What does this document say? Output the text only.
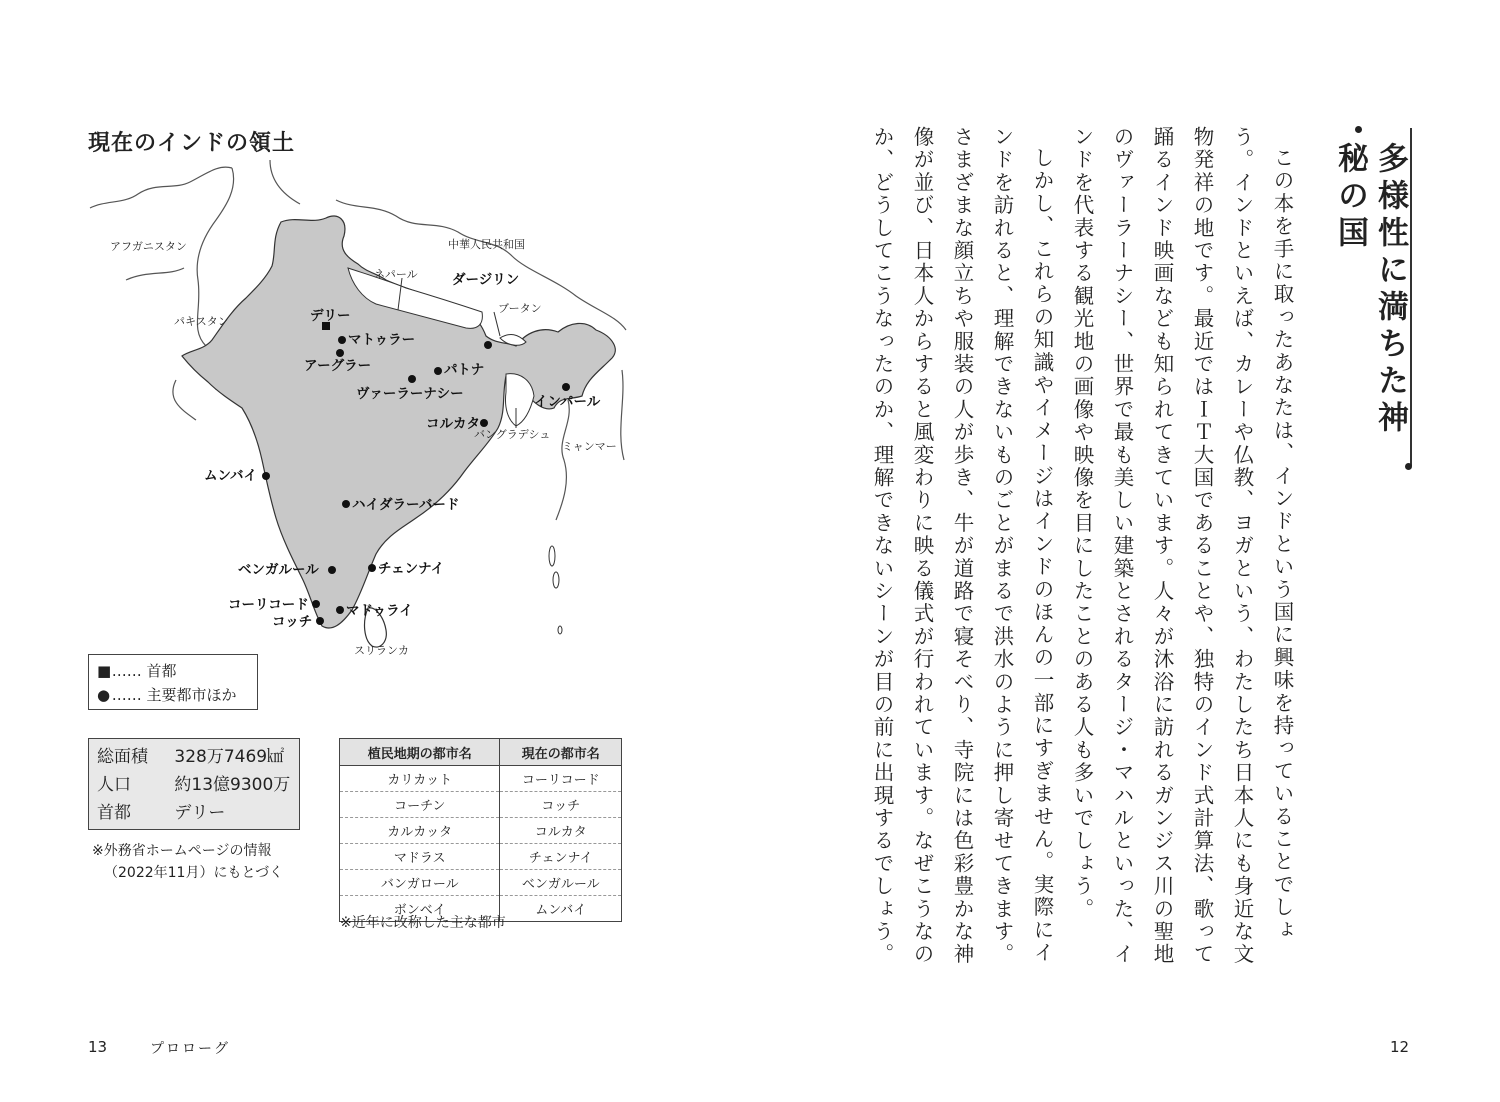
現在のインドの領土
アフガニスタン
パキスタン
中華人民共和国
ネパール
ブータン
バングラデシュ
ミャンマー
スリランカ
デリー
マトゥラー
アーグラー
ダージリン
パトナ
ヴァーラーナシー
インパール
コルカタ
ムンバイ
ハイダラーバード
チェンナイ
ベンガルール
コーリコード	マドゥライ
コッチ
■ …… 首都
● …… 主要都市ほか
総面積 328万7469㎢
人口	約13億9300万
首都	デリー
※外務省ホームページの情報
（2022年11月）にもとづく
植民地期の都市名	現在の都市名
カリカット	コーリコード
コーチン	コッチ
カルカッタ	コルカタ
マドラス	チェンナイ
バンガロール	ベンガルール
ボンベイ	ムンバイ
※近年に改称した主な都市
13	プロローグ
多様性に満ちた神秘の国

この本を手に取ったあなたは、インドという国に興味を持っていることでしょう。インドといえば、カレーや仏教、ヨガという、わたしたち日本人にも身近な文物発祥の地です。最近ではＩＴ大国であることや、独特のインド式計算法、歌って踊るインド映画なども知られてきています。人々が沐浴に訪れるガンジス川の聖地のヴァーラーナシー、世界で最も美しい建築とされるタージ・マハルといった、インドを代表する観光地の画像や映像を目にしたことのある人も多いでしょう。

しかし、これらの知識やイメージはインドのほんの一部にすぎません。実際にインドを訪れると、理解できないものごとがまるで洪水のように押し寄せてきます。さまざまな顔立ちや服装の人が歩き、牛が道路で寝そべり、寺院には色彩豊かな神像が並び、日本人からすると風変わりに映る儀式が行われています。なぜこうなのか、どうしてこうなったのか、理解できないシーンが目の前に出現するでしょう。

12
